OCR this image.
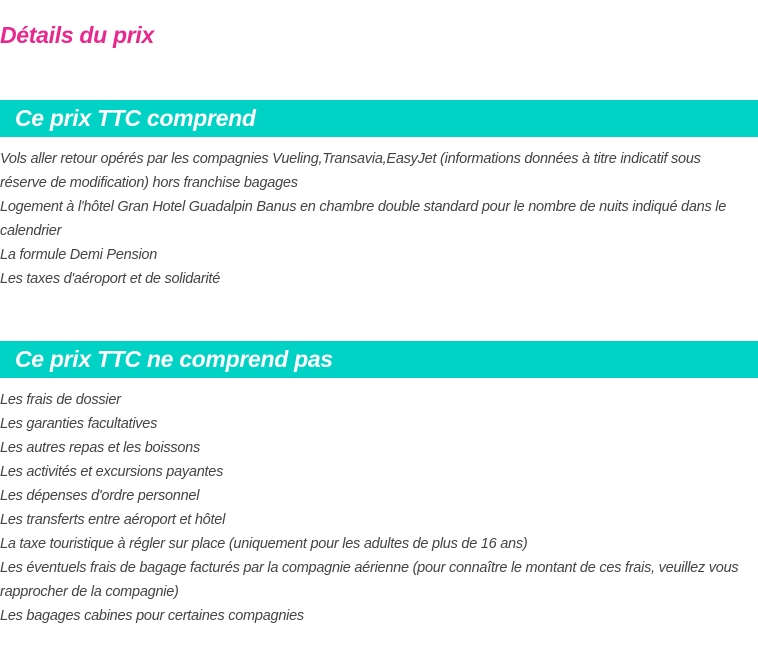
Détails du prix
Ce prix TTC comprend
Vols aller retour opérés par les compagnies Vueling,Transavia,EasyJet (informations données à titre indicatif sous réserve de modification) hors franchise bagages
Logement à l'hôtel Gran Hotel Guadalpin Banus en chambre double standard pour le nombre de nuits indiqué dans le calendrier
La formule Demi Pension
Les taxes d'aéroport et de solidarité
Ce prix TTC ne comprend pas
Les frais de dossier
Les garanties facultatives
Les autres repas et les boissons
Les activités et excursions payantes
Les dépenses d'ordre personnel
Les transferts entre aéroport et hôtel
La taxe touristique à régler sur place (uniquement pour les adultes de plus de 16 ans)
Les éventuels frais de bagage facturés par la compagnie aérienne (pour connaître le montant de ces frais, veuillez vous rapprocher de la compagnie)
Les bagages cabines pour certaines compagnies
